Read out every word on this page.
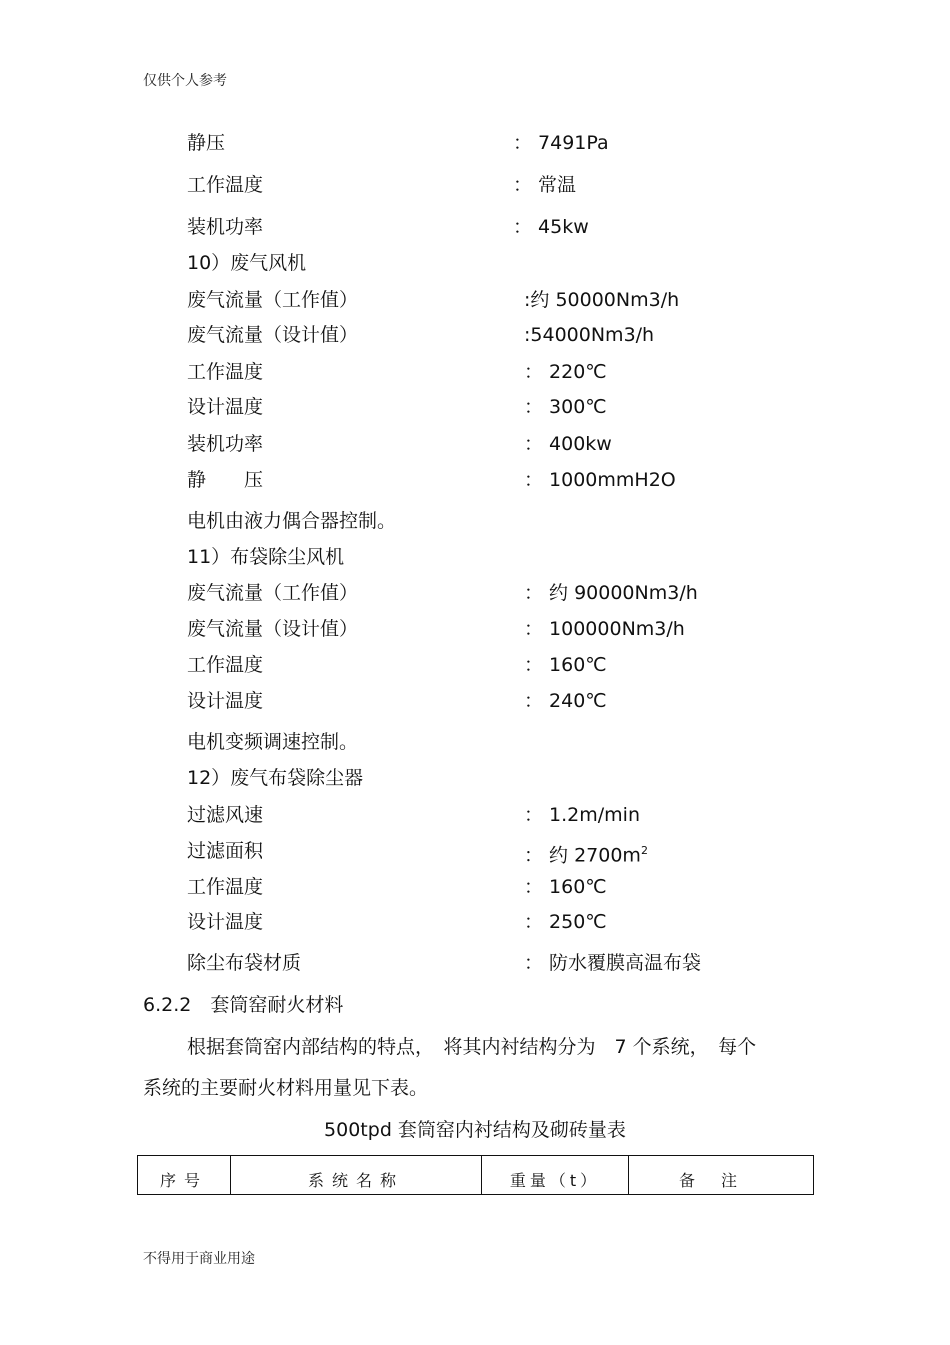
仅供个人参考
静压	： 7491Pa
工作温度	： 常温
装机功率	： 45kw
10）废气风机
废气流量（工作值）	:约 50000Nm3/h
废气流量（设计值）	:54000Nm3/h
工作温度	： 220℃
设计温度	： 300℃
装机功率	： 400kw
静　　压	： 1000mmH2O
电机由液力偶合器控制。
11）布袋除尘风机
废气流量（工作值）	： 约 90000Nm3/h
废气流量（设计值）	： 100000Nm3/h
工作温度	： 160℃
设计温度	： 240℃
电机变频调速控制。
12）废气布袋除尘器
过滤风速	： 1.2m/min
过滤面积	： 约 $2700m^2$
工作温度	： 160℃
设计温度	： 250℃
除尘布袋材质	： 防水覆膜高温布袋
6.2.2　套筒窑耐火材料
根据套筒窑内部结构的特点，　将其内衬结构分为　7 个系统，　每个
系统的主要耐火材料用量见下表。
500tpd 套筒窑内衬结构及砌砖量表
序号	系统名称	重量（t）	备注
不得用于商业用途
